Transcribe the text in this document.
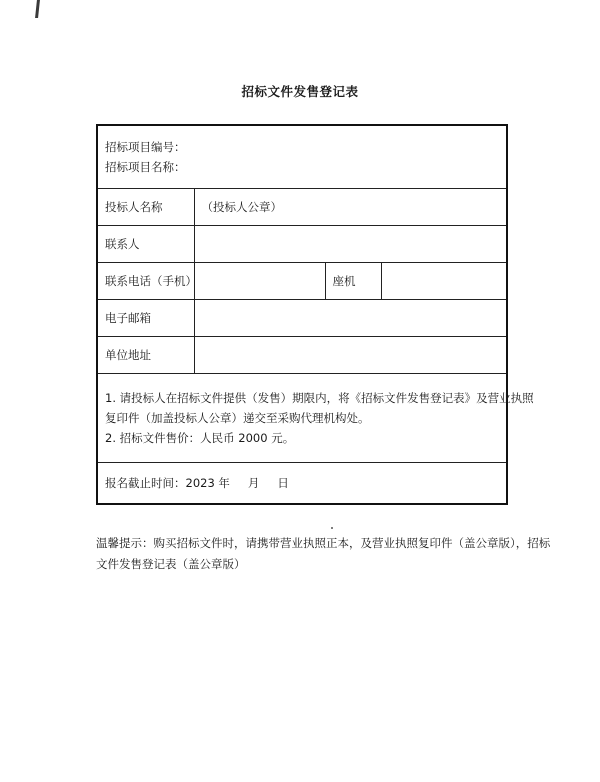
招标文件发售登记表
招标项目编号：
招标项目名称：			

投标人名称	（投标人公章）		
联系人			
联系电话（手机）		座机	
电子邮箱			
单位地址			

1. 请投标人在招标文件提供（发售）期限内，将《招标文件发售登记表》及营业执照
复印件（加盖投标人公章）递交至采购代理机构处。
2. 招标文件售价：人民币 2000 元。			

报名截止时间：2023 年 月 日			
温馨提示：购买招标文件时，请携带营业执照正本，及营业执照复印件（盖公章版），招标
文件发售登记表（盖公章版）
